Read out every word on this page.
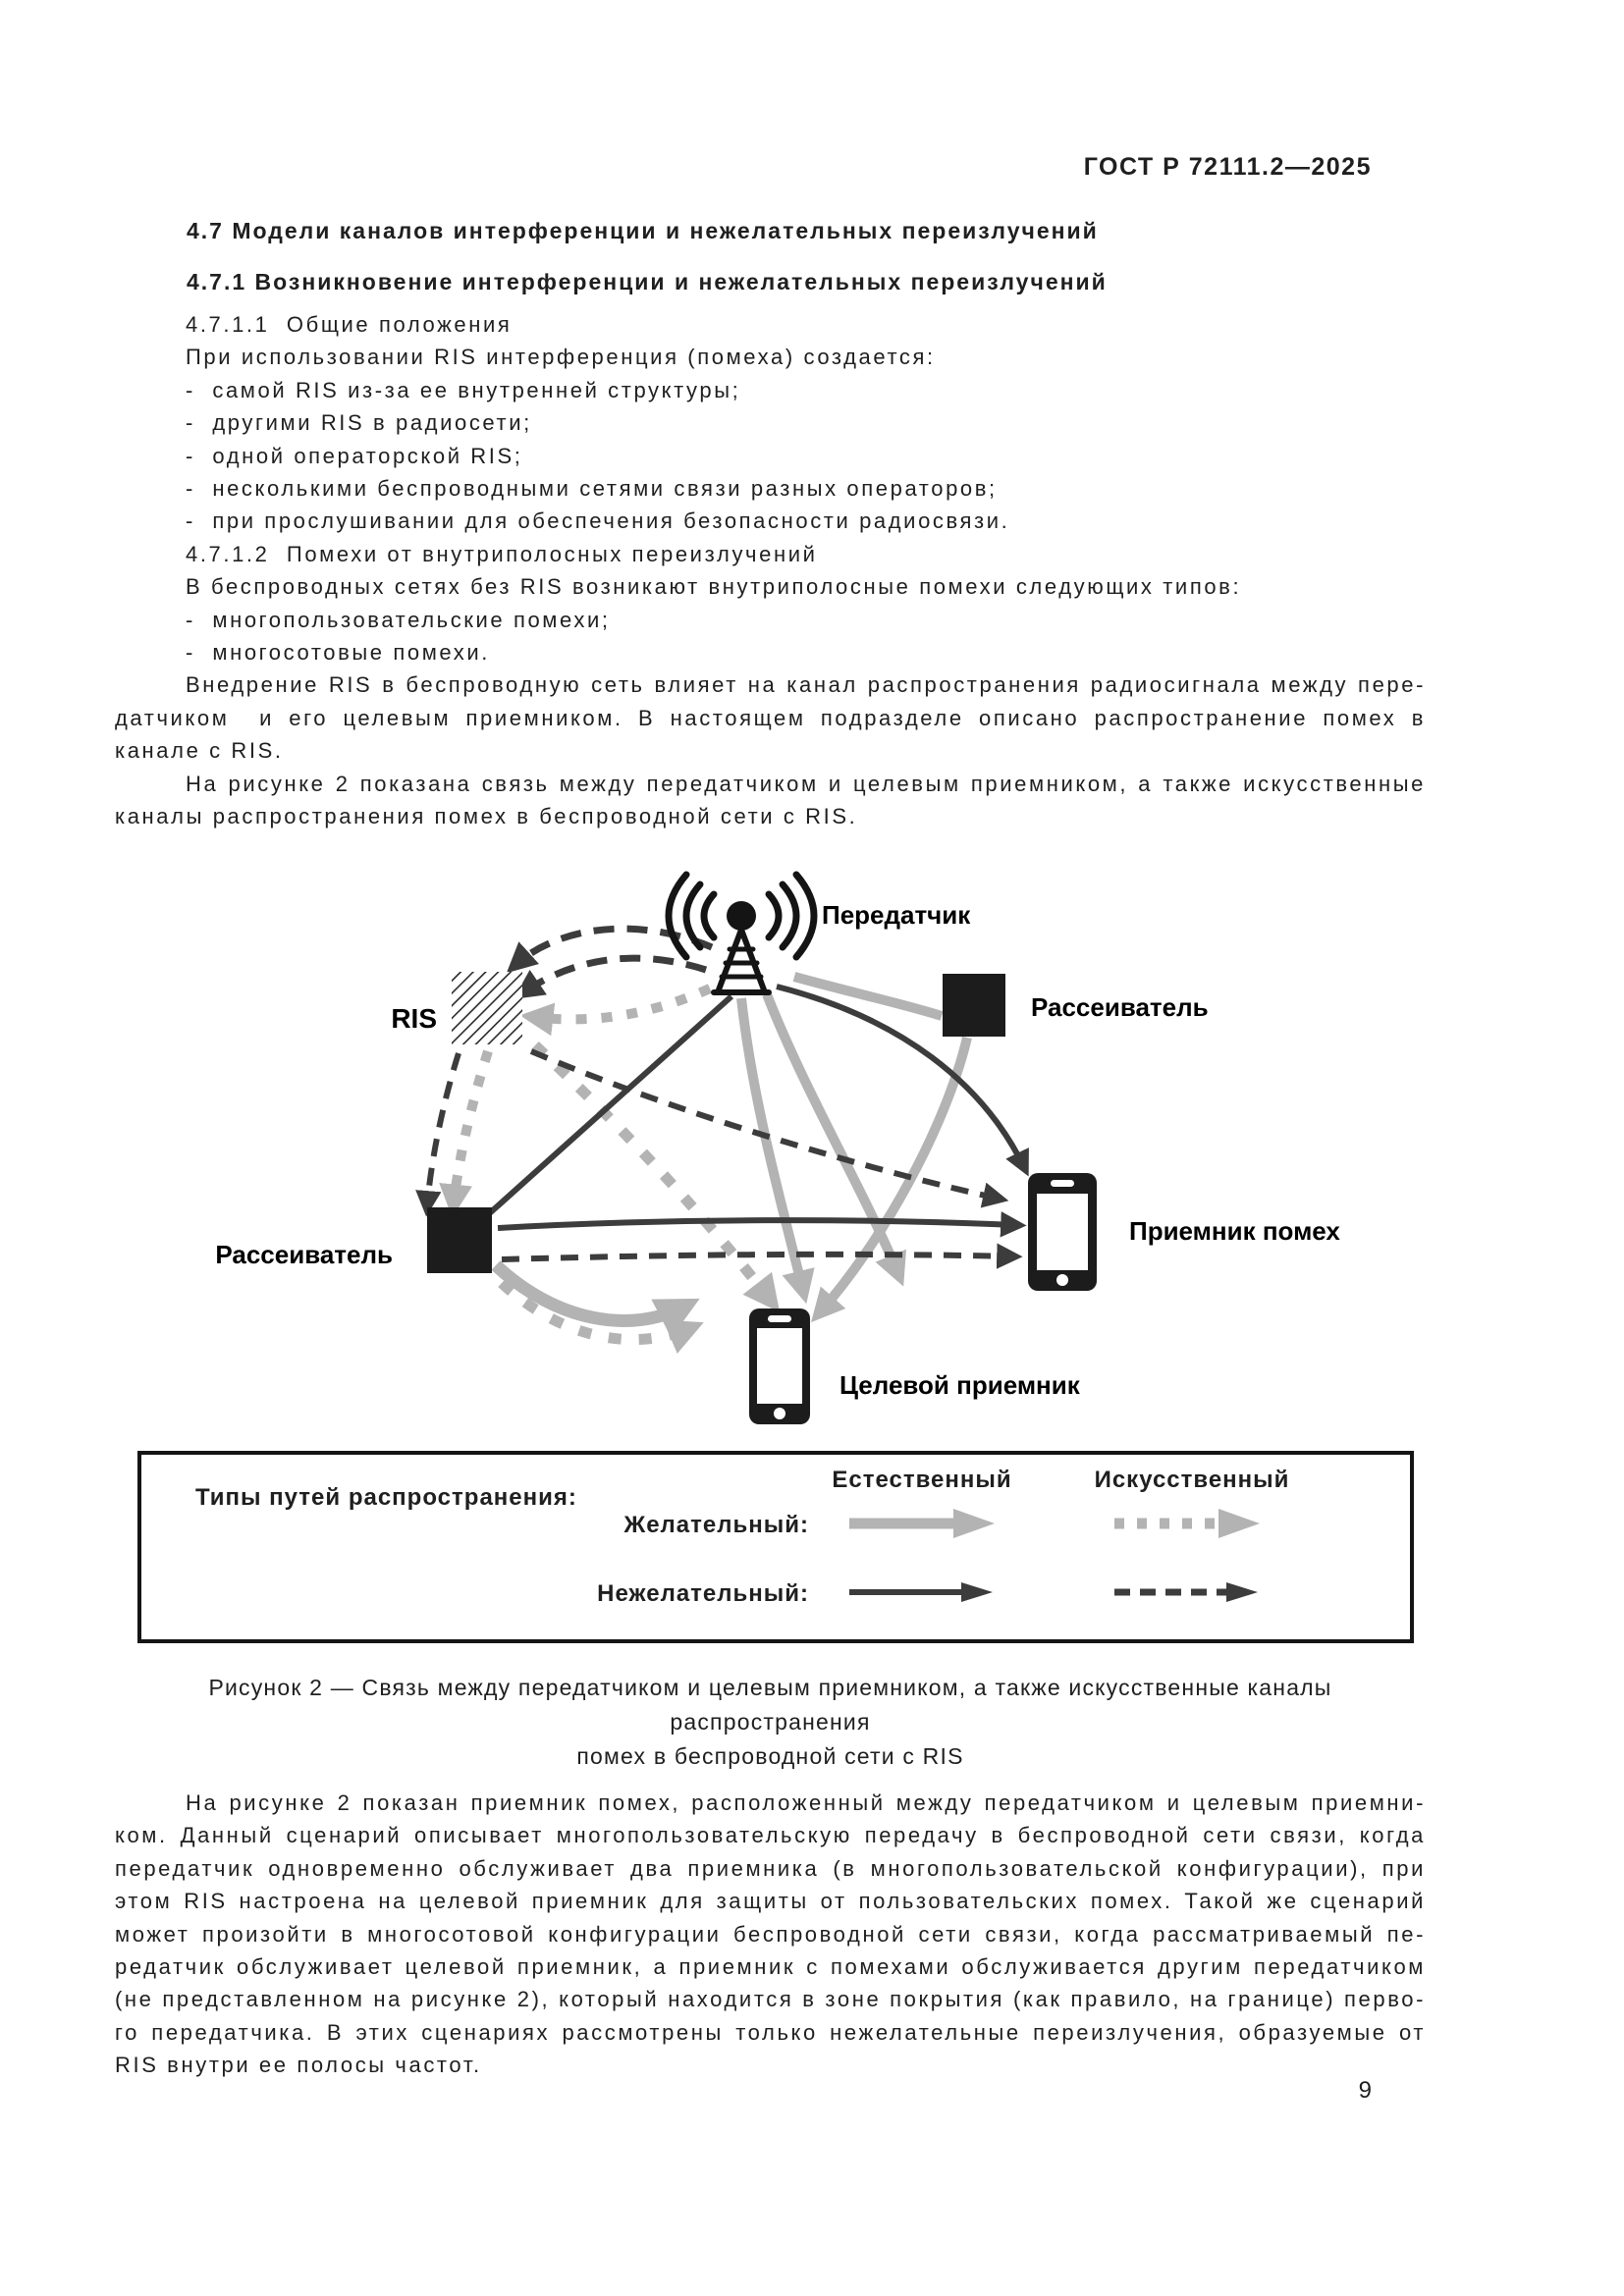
ГОСТ Р 72111.2—2025
4.7 Модели каналов интерференции и нежелательных переизлучений
4.7.1 Возникновение интерференции и нежелательных переизлучений
4.7.1.1  Общие положения
При использовании RIS интерференция (помеха) создается:
-  самой RIS из-за ее внутренней структуры;
-  другими RIS в радиосети;
-  одной операторской RIS;
-  несколькими беспроводными сетями связи разных операторов;
-  при прослушивании для обеспечения безопасности радиосвязи.
4.7.1.2  Помехи от внутриполосных переизлучений
В беспроводных сетях без RIS возникают внутриполосные помехи следующих типов:
-  многопользовательские помехи;
-  многосотовые помехи.
Внедрение RIS в беспроводную сеть влияет на канал распространения радиосигнала между пере-
датчиком  и его целевым приемником. В настоящем подразделе описано распространение помех в
канале с RIS.
На рисунке 2 показана связь между передатчиком и целевым приемником, а также искусственные
каналы распространения помех в беспроводной сети с RIS.
Передатчик
RIS	Рассеиватель
Рассеиватель
Приемник помех
Целевой приемник
Типы путей распространения:
Естественный	Искусственный
Желательный:
Нежелательный:
Рисунок 2 — Связь между передатчиком и целевым приемником, а также искусственные каналы распространения
помех в беспроводной сети с RIS
На рисунке 2 показан приемник помех, расположенный между передатчиком и целевым приемни-
ком. Данный сценарий описывает многопользовательскую передачу в беспроводной сети связи, когда
передатчик одновременно обслуживает два приемника (в многопользовательской конфигурации), при
этом RIS настроена на целевой приемник для защиты от пользовательских помех. Такой же сценарий
может произойти в многосотовой конфигурации беспроводной сети связи, когда рассматриваемый пе-
редатчик обслуживает целевой приемник, а приемник с помехами обслуживается другим передатчиком
(не представленном на рисунке 2), который находится в зоне покрытия (как правило, на границе) перво-
го передатчика. В этих сценариях рассмотрены только нежелательные переизлучения, образуемые от
RIS внутри ее полосы частот.
9
